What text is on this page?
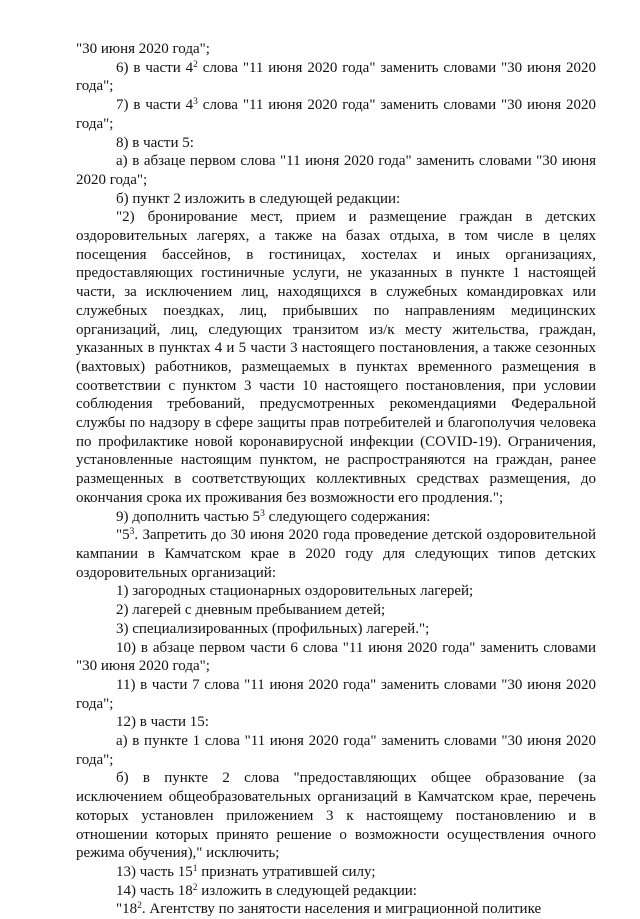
"30 июня 2020 года";

6) в части $4^2$ слова "11 июня 2020 года" заменить словами "30 июня 2020 года";

7) в части $4^3$ слова "11 июня 2020 года" заменить словами "30 июня 2020 года";

8) в части 5:

а) в абзаце первом слова "11 июня 2020 года" заменить словами "30 июня 2020 года";

б) пункт 2 изложить в следующей редакции:

"2) бронирование мест, прием и размещение граждан в детских оздоровительных лагерях, а также на базах отдыха, в том числе в целях посещения бассейнов, в гостиницах, хостелах и иных организациях, предоставляющих гостиничные услуги, не указанных в пункте 1 настоящей части, за исключением лиц, находящихся в служебных командировках или служебных поездках, лиц, прибывших по направлениям медицинских организаций, лиц, следующих транзитом из/к месту жительства, граждан, указанных в пунктах 4 и 5 части 3 настоящего постановления, а также сезонных (вахтовых) работников, размещаемых в пунктах временного размещения в соответствии с пунктом 3 части 10 настоящего постановления, при условии соблюдения требований, предусмотренных рекомендациями Федеральной службы по надзору в сфере защиты прав потребителей и благополучия человека по профилактике новой коронавирусной инфекции (COVID-19). Ограничения, установленные настоящим пунктом, не распространяются на граждан, ранее размещенных в соответствующих коллективных средствах размещения, до окончания срока их проживания без возможности его продления.";

9) дополнить частью $5^3$ следующего содержания:

"$5^3$. Запретить до 30 июня 2020 года проведение детской оздоровительной кампании в Камчатском крае в 2020 году для следующих типов детских оздоровительных организаций:

1) загородных стационарных оздоровительных лагерей;

2) лагерей с дневным пребыванием детей;

3) специализированных (профильных) лагерей.";

10) в абзаце первом части 6 слова "11 июня 2020 года" заменить словами "30 июня 2020 года";

11) в части 7 слова "11 июня 2020 года" заменить словами "30 июня 2020 года";

12) в части 15:

а) в пункте 1 слова "11 июня 2020 года" заменить словами "30 июня 2020 года";

б) в пункте 2 слова "предоставляющих общее образование (за исключением общеобразовательных организаций в Камчатском крае, перечень которых установлен приложением 3 к настоящему постановлению и в отношении которых принято решение о возможности осуществления очного режима обучения)," исключить;

13) часть $15^1$ признать утратившей силу;

14) часть $18^2$ изложить в следующей редакции:

"$18^2$. Агентству по занятости населения и миграционной политике
